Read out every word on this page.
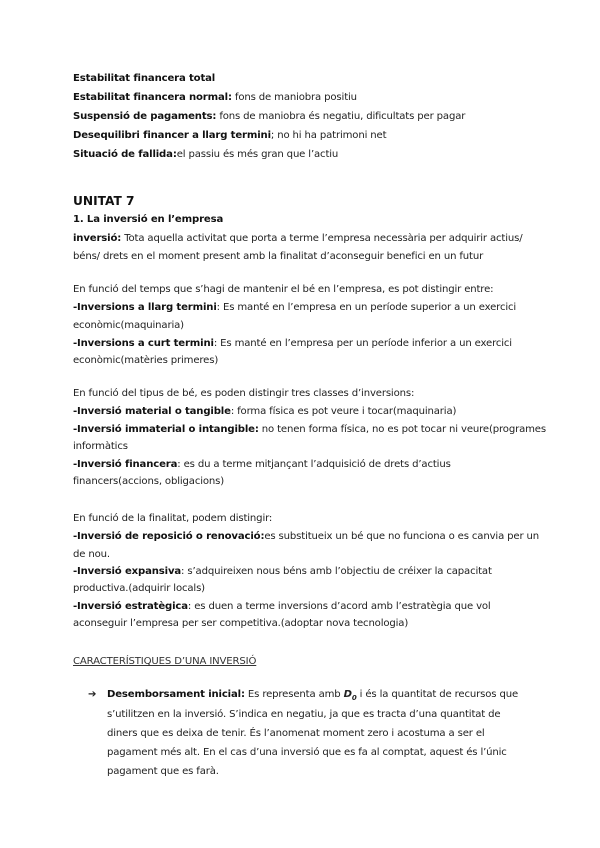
Estabilitat financera total
Estabilitat financera normal: fons de maniobra positiu
Suspensió de pagaments: fons de maniobra és negatiu, dificultats per pagar
Desequilibri financer a llarg termini; no hi ha patrimoni net
Situació de fallida:el passiu és més gran que l’actiu
UNITAT 7
1. La inversió en l’empresa
inversió: Tota aquella activitat que porta a terme l’empresa necessària per adquirir actius/
béns/ drets en el moment present amb la finalitat d’aconseguir benefici en un futur
En funció del temps que s’hagi de mantenir el bé en l’empresa, es pot distingir entre:
-Inversions a llarg termini: Es manté en l’empresa en un període superior a un exercici
econòmic(maquinaria)
-Inversions a curt termini: Es manté en l’empresa per un període inferior a un exercici
econòmic(matèries primeres)
En funció del tipus de bé, es poden distingir tres classes d’inversions:
-Inversió material o tangible: forma física es pot veure i tocar(maquinaria)
-Inversió immaterial o intangible: no tenen forma física, no es pot tocar ni veure(programes
informàtics
-Inversió financera: es du a terme mitjançant l’adquisició de drets d’actius
financers(accions, obligacions)
En funció de la finalitat, podem distingir:
-Inversió de reposició o renovació:es substitueix un bé que no funciona o es canvia per un
de nou.
-Inversió expansiva: s’adquireixen nous béns amb l’objectiu de créixer la capacitat
productiva.(adquirir locals)
-Inversió estratègica: es duen a terme inversions d’acord amb l’estratègia que vol
aconseguir l’empresa per ser competitiva.(adoptar nova tecnologia)
CARACTERÍSTIQUES D’UNA INVERSIÓ
➔ Desemborsament inicial: Es representa amb $D_0$ i és la quantitat de recursos que
s’utilitzen en la inversió. S’indica en negatiu, ja que es tracta d’una quantitat de
diners que es deixa de tenir. És l’anomenat moment zero i acostuma a ser el
pagament més alt. En el cas d’una inversió que es fa al comptat, aquest és l’únic
pagament que es farà.
